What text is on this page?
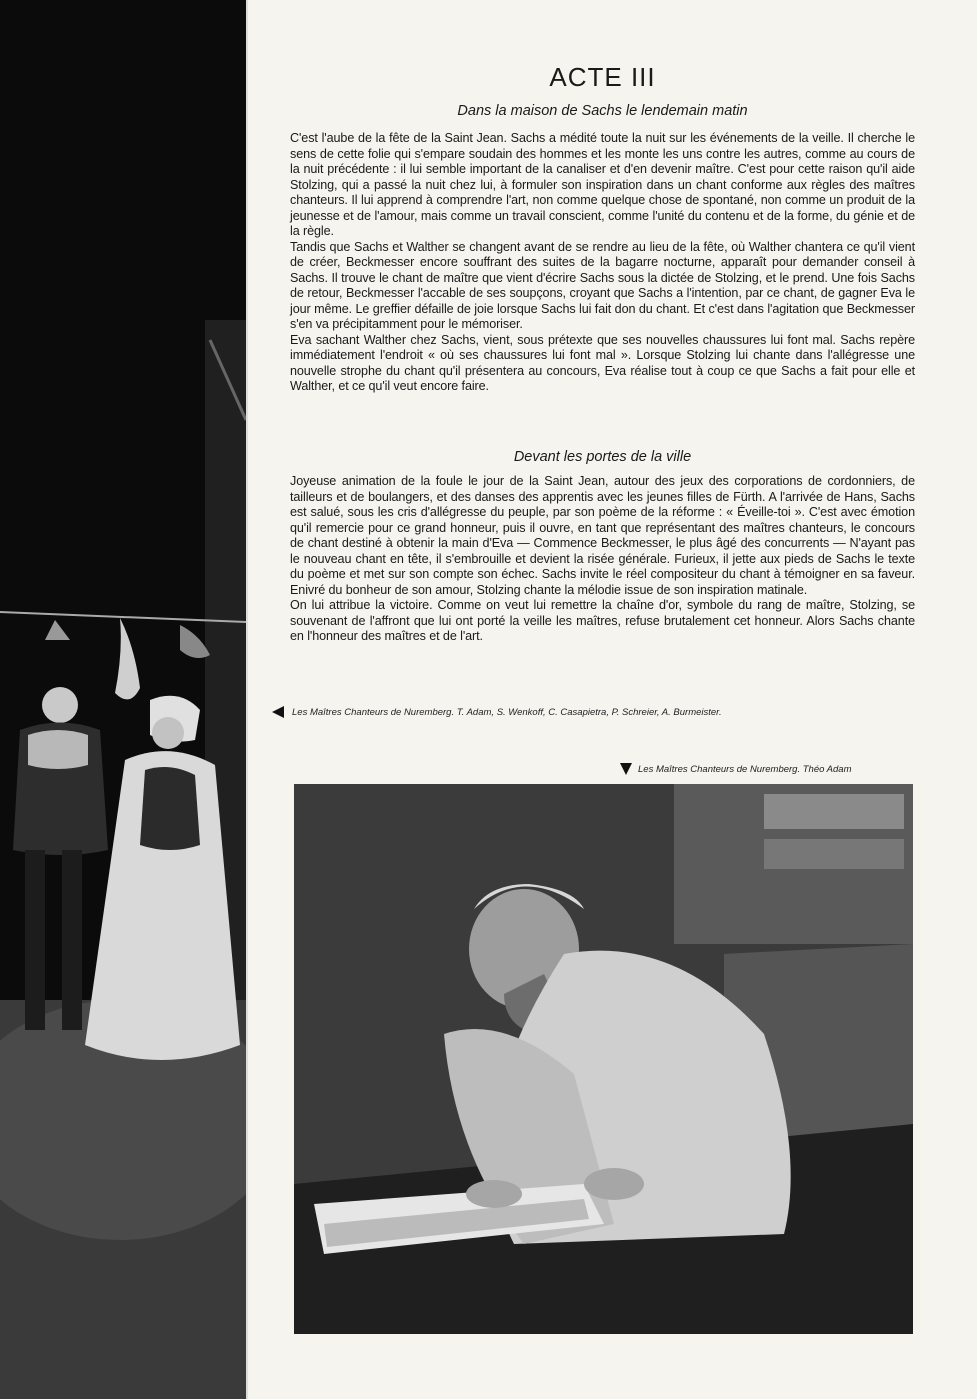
ACTE III
Dans la maison de Sachs le lendemain matin

C'est l'aube de la fête de la Saint Jean. Sachs a médité toute la nuit sur les événements de la veille. Il cherche le sens de cette folie qui s'empare soudain des hommes et les monte les uns contre les autres, comme au cours de la nuit précédente : il lui semble important de la canaliser et d'en devenir maître. C'est pour cette raison qu'il aide Stolzing, qui a passé la nuit chez lui, à formuler son inspiration dans un chant conforme aux règles des maîtres chanteurs. Il lui apprend à comprendre l'art, non comme quelque chose de spontané, non comme un produit de la jeunesse et de l'amour, mais comme un travail conscient, comme l'unité du contenu et de la forme, du génie et de la règle.

Tandis que Sachs et Walther se changent avant de se rendre au lieu de la fête, où Walther chantera ce qu'il vient de créer, Beckmesser encore souffrant des suites de la bagarre nocturne, apparaît pour demander conseil à Sachs. Il trouve le chant de maître que vient d'écrire Sachs sous la dictée de Stolzing, et le prend. Une fois Sachs de retour, Beckmesser l'accable de ses soupçons, croyant que Sachs a l'intention, par ce chant, de gagner Eva le jour même. Le greffier défaille de joie lorsque Sachs lui fait don du chant. Et c'est dans l'agitation que Beckmesser s'en va précipitamment pour le mémoriser.

Eva sachant Walther chez Sachs, vient, sous prétexte que ses nouvelles chaussures lui font mal. Sachs repère immédiatement l'endroit « où ses chaussures lui font mal ». Lorsque Stolzing lui chante dans l'allégresse une nouvelle strophe du chant qu'il présentera au concours, Eva réalise tout à coup ce que Sachs a fait pour elle et Walther, et ce qu'il veut encore faire.

Devant les portes de la ville

Joyeuse animation de la foule le jour de la Saint Jean, autour des jeux des corporations de cordonniers, de tailleurs et de boulangers, et des danses des apprentis avec les jeunes filles de Fürth. A l'arrivée de Hans, Sachs est salué, sous les cris d'allégresse du peuple, par son poème de la réforme : « Éveille-toi ». C'est avec émotion qu'il remercie pour ce grand honneur, puis il ouvre, en tant que représentant des maîtres chanteurs, le concours de chant destiné à obtenir la main d'Eva — Commence Beckmesser, le plus âgé des concurrents — N'ayant pas le nouveau chant en tête, il s'embrouille et devient la risée générale. Furieux, il jette aux pieds de Sachs le texte du poème et met sur son compte son échec. Sachs invite le réel compositeur du chant à témoigner en sa faveur. Enivré du bonheur de son amour, Stolzing chante la mélodie issue de son inspiration matinale.

On lui attribue la victoire. Comme on veut lui remettre la chaîne d'or, symbole du rang de maître, Stolzing, se souvenant de l'affront que lui ont porté la veille les maîtres, refuse brutalement cet honneur. Alors Sachs chante en l'honneur des maîtres et de l'art.

Les Maîtres Chanteurs de Nuremberg. T. Adam, S. Wenkoff, C. Casapietra, P. Schreier, A. Burmeister.
Les Maîtres Chanteurs de Nuremberg. Théo Adam
